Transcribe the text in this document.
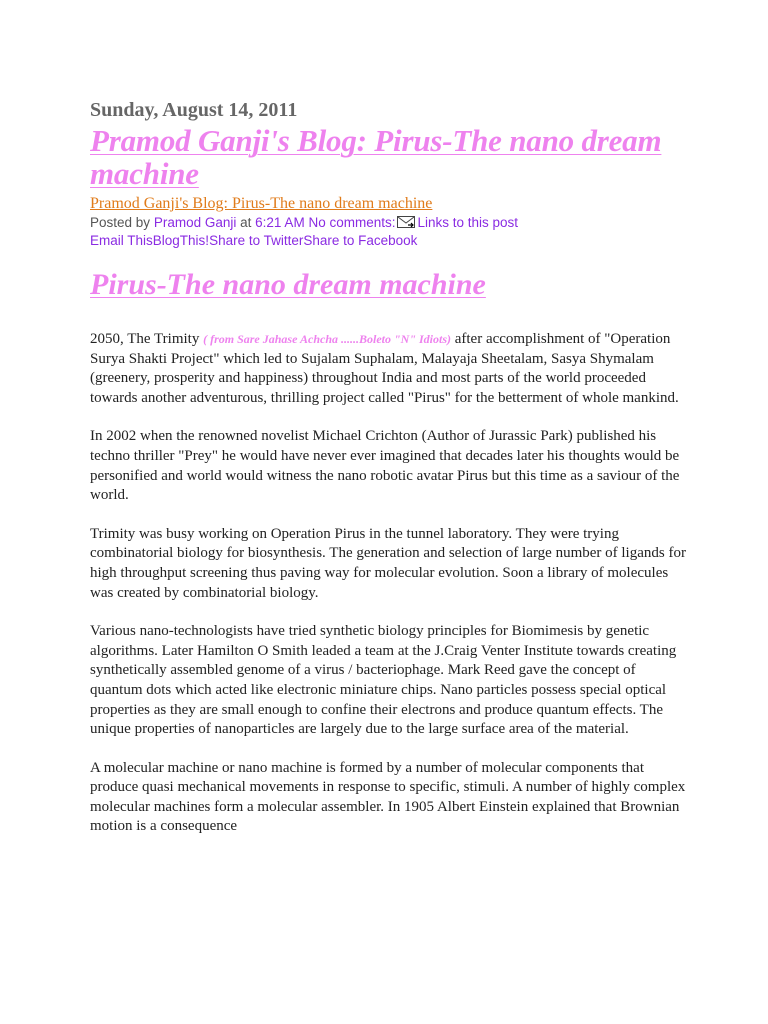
Sunday, August 14, 2011
Pramod Ganji's Blog: Pirus-The nano dream machine
Pramod Ganji's Blog: Pirus-The nano dream machine
Posted by Pramod Ganji at 6:21 AM No comments: Links to this post
Email ThisBlogThis!Share to TwitterShare to Facebook
Pirus-The nano dream machine

2050, The Trimity ( from Sare Jahase Achcha ......Boleto "N" Idiots) after accomplishment of "Operation Surya Shakti Project" which led to Sujalam Suphalam, Malayaja Sheetalam, Sasya Shymalam (greenery, prosperity and happiness) throughout India and most parts of the world proceeded towards another adventurous, thrilling project called "Pirus" for the betterment of whole mankind.

In 2002 when the renowned novelist Michael Crichton (Author of Jurassic Park) published his techno thriller "Prey" he would have never ever imagined that decades later his thoughts would be personified and world would witness the nano robotic avatar Pirus but this time as a saviour of the world.

Trimity was busy working on Operation Pirus in the tunnel laboratory. They were trying combinatorial biology for biosynthesis. The generation and selection of large number of ligands for high throughput screening thus paving way for molecular evolution. Soon a library of molecules was created by combinatorial biology.

Various nano-technologists have tried synthetic biology principles for Biomimesis by genetic algorithms. Later Hamilton O Smith leaded a team at the J.Craig Venter Institute towards creating synthetically assembled genome of a virus / bacteriophage. Mark Reed gave the concept of quantum dots which acted like electronic miniature chips. Nano particles possess special optical properties as they are small enough to confine their electrons and produce quantum effects. The unique properties of nanoparticles are largely due to the large surface area of the material.

A molecular machine or nano machine is formed by a number of molecular components that produce quasi mechanical movements in response to specific, stimuli. A number of highly complex molecular machines form a molecular assembler. In 1905 Albert Einstein explained that Brownian motion is a consequence
